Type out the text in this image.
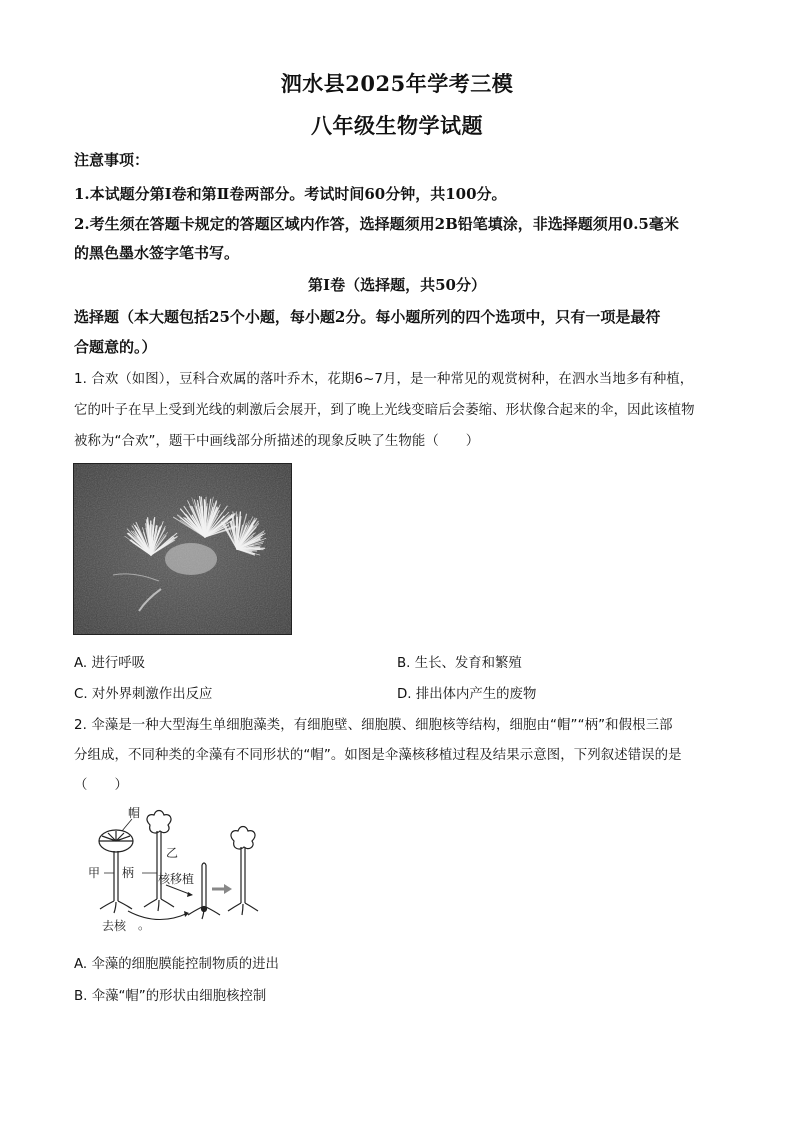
泗水县2025年学考三模
八年级生物学试题
注意事项：
1.本试题分第Ⅰ卷和第Ⅱ卷两部分。考试时间60分钟，共100分。
2.考生须在答题卡规定的答题区域内作答，选择题须用2B铅笔填涂，非选择题须用0.5毫米
的黑色墨水签字笔书写。
第Ⅰ卷（选择题，共50分）
选择题（本大题包括25个小题，每小题2分。每小题所列的四个选项中，只有一项是最符
合题意的。）
1. 合欢（如图），豆科合欢属的落叶乔木，花期6~7月，是一种常见的观赏树种，在泗水当地多有种植，
它的叶子在早上受到光线的刺激后会展开，到了晚上光线变暗后会萎缩、形状像合起来的伞，因此该植物
被称为“合欢”，题干中画线部分所描述的现象反映了生物能（　　）
A. 进行呼吸	B. 生长、发育和繁殖
C. 对外界刺激作出反应	D. 排出体内产生的废物
2. 伞藻是一种大型海生单细胞藻类，有细胞壁、细胞膜、细胞核等结构，细胞由“帽”“柄”和假根三部
分组成，不同种类的伞藻有不同形状的“帽”。如图是伞藻核移植过程及结果示意图，下列叙述错误的是
（　　）
帽
甲 柄
乙
核移植
去核 。
A. 伞藻的细胞膜能控制物质的进出
B. 伞藻“帽”的形状由细胞核控制
